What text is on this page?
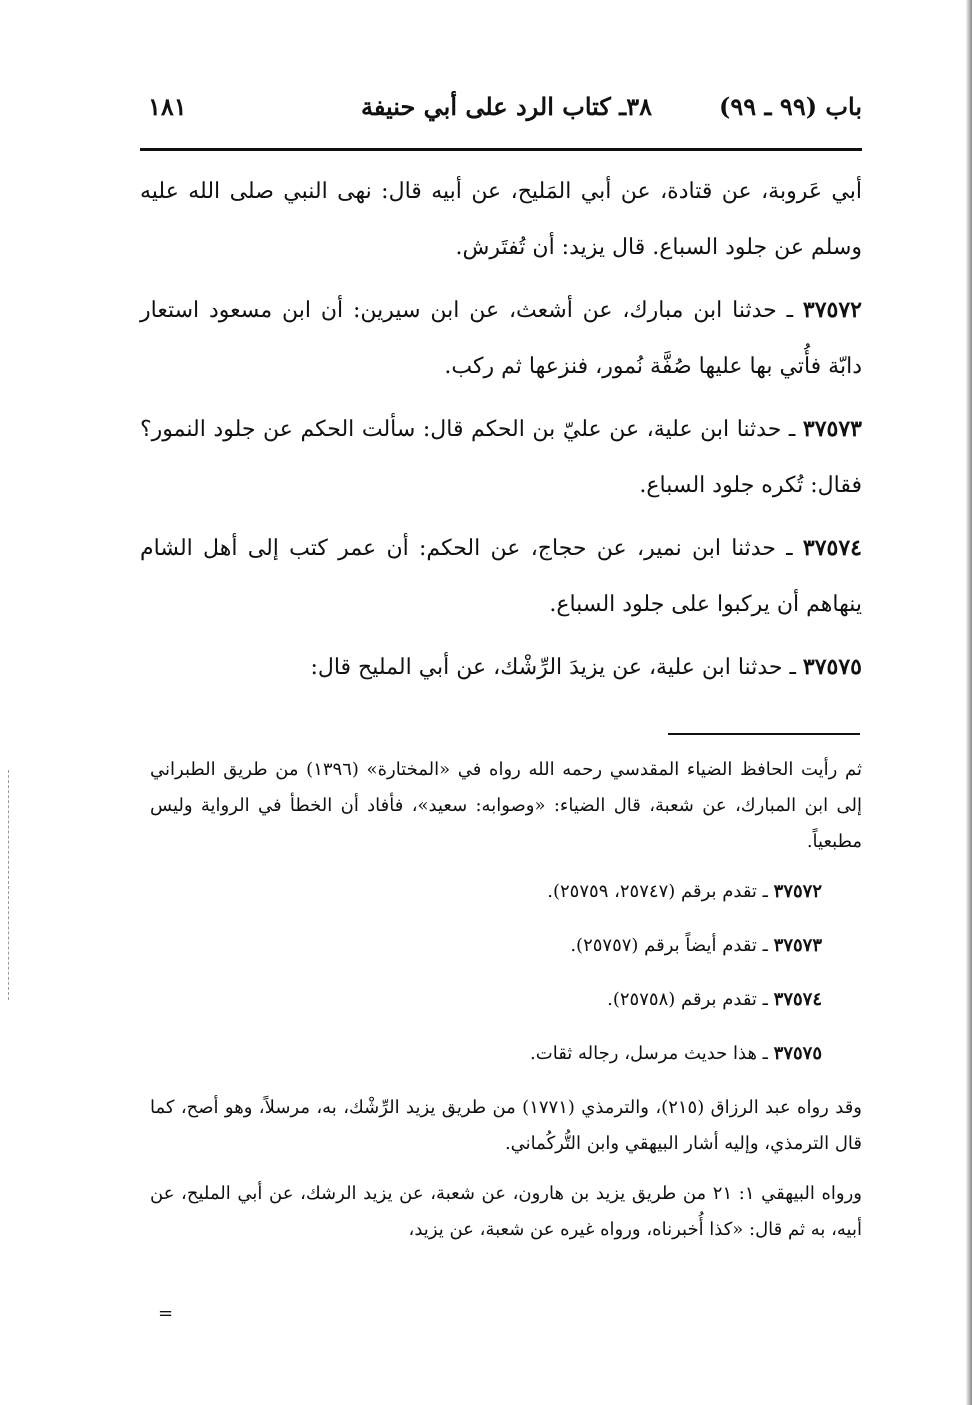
باب (٩٩ ـ ٩٩)
٣٨ـ كتاب الرد على أبي حنيفة
١٨١

أبي عَروبة، عن قتادة، عن أبي المَليح، عن أبيه قال: نهى النبي صلى الله عليه وسلم عن جلود السباع. قال يزيد: أن تُفتَرش.

٣٧٥٧٢ ـ حدثنا ابن مبارك، عن أشعث، عن ابن سيرين: أن ابن مسعود استعار دابّة فأُتي بها عليها صُفَّة نُمور، فنزعها ثم ركب.

٣٧٥٧٣ ـ حدثنا ابن علية، عن عليّ بن الحكم قال: سألت الحكم عن جلود النمور؟ فقال: تُكره جلود السباع.

٣٧٥٧٤ ـ حدثنا ابن نمير، عن حجاج، عن الحكم: أن عمر كتب إلى أهل الشام ينهاهم أن يركبوا على جلود السباع.

٣٧٥٧٥ ـ حدثنا ابن علية، عن يزيدَ الرِّشْك، عن أبي المليح قال:

ثم رأيت الحافظ الضياء المقدسي رحمه الله رواه في «المختارة» (١٣٩٦) من طريق الطبراني إلى ابن المبارك، عن شعبة، قال الضياء: «وصوابه: سعيد»، فأفاد أن الخطأ في الرواية وليس مطبعياً.

٣٧٥٧٢ ـ تقدم برقم (٢٥٧٤٧، ٢٥٧٥٩).

٣٧٥٧٣ ـ تقدم أيضاً برقم (٢٥٧٥٧).

٣٧٥٧٤ ـ تقدم برقم (٢٥٧٥٨).

٣٧٥٧٥ ـ هذا حديث مرسل، رجاله ثقات.

وقد رواه عبد الرزاق (٢١٥)، والترمذي (١٧٧١) من طريق يزيد الرِّشْك، به، مرسلاً، وهو أصح، كما قال الترمذي، وإليه أشار البيهقي وابن التُّركُماني.

ورواه البيهقي ١: ٢١ من طريق يزيد بن هارون، عن شعبة، عن يزيد الرشك، عن أبي المليح، عن أبيه، به ثم قال: «كذا أُخبرناه، ورواه غيره عن شعبة، عن يزيد،

=
